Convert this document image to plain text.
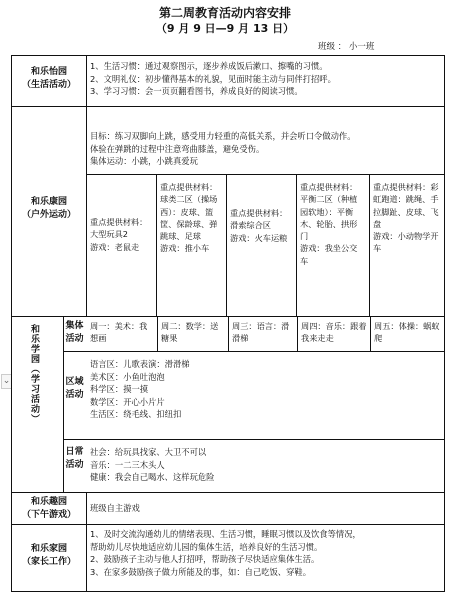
第二周教育活动内容安排
（9 月 9 日—9 月 13 日）
班级 ： 小一班
⌄
和乐怡园
（生活活动）
1、生活习惯：通过观察图示，逐步养成饭后漱口、擦嘴的习惯。
2、文明礼仪：初步懂得基本的礼貌，见面时能主动与同伴打招呼。
3、学习习惯：会一页页翻看图书，养成良好的阅读习惯。
和乐康园
（户外运动）
目标：练习双脚向上跳，感受用力轻重的高低关系，并会听口令做动作。
体验在弹跳的过程中注意弯曲膝盖，避免受伤。
集体运动：小跳，小跳真爱玩
重点提供材料：大型玩具2
游戏：老鼠走
重点提供材料：球类二区（操场西）：皮球、篮筐、保龄球、弹跳球、足球
游戏：推小车
重点提供材料：滑索综合区
游戏：火车运粮
重点提供材料：平衡二区（种植园软地）：平衡木、轮胎、拱形门
游戏：我坐公交车
重点提供材料：彩虹跑道：跳绳、手拉脚趾、皮球、飞盘
游戏：小动物学开车
和乐学园（学习活动）	集体活动
周一：美术：我想画
周二：数学：送糖果
周三：语言：滑滑梯
周四：音乐：跟着我来走走
周五：体操：蜗蚁爬
区域活动
语言区：儿歌表演：滑滑梯
美术区：小鱼吐泡泡
科学区：摸一摸
数学区：开心小片片
生活区：绕毛线、扣纽扣
日常活动
社会：给玩具找家、大卫不可以
音乐：一二三木头人
健康：我会自己喝水、这样玩危险
和乐趣园
（下午游戏）
班级自主游戏
和乐家园
（家长工作）
1、及时交流沟通幼儿的情绪表现、生活习惯，睡眠习惯以及饮食等情况，
帮助幼儿尽快地适应幼儿园的集体生活，培养良好的生活习惯。
2、鼓励孩子主动与他人打招呼，帮助孩子尽快适应集体生活。
3、在家多鼓励孩子做力所能及的事，如：自己吃饭、穿鞋。
